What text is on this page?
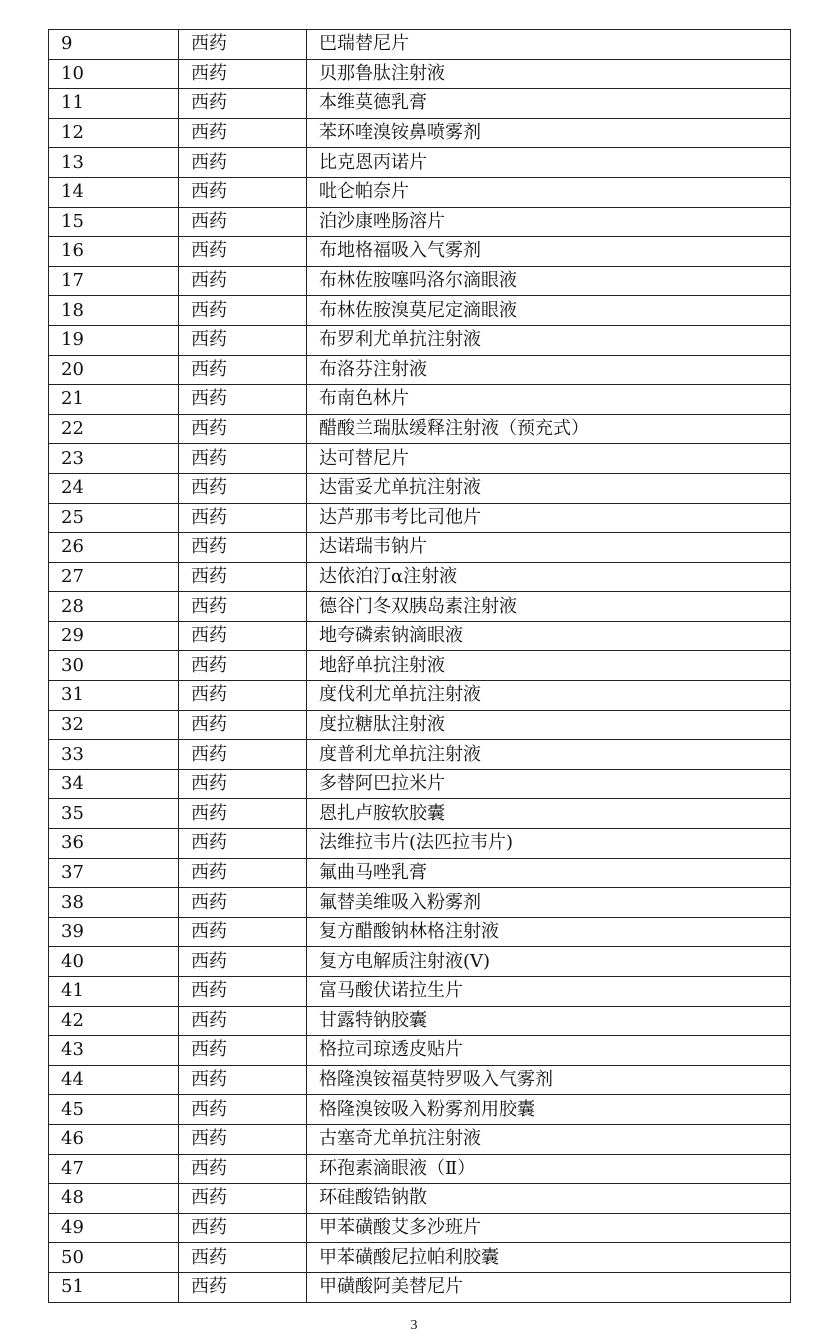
9	西药	巴瑞替尼片
10	西药	贝那鲁肽注射液
11	西药	本维莫德乳膏
12	西药	苯环喹溴铵鼻喷雾剂
13	西药	比克恩丙诺片
14	西药	吡仑帕奈片
15	西药	泊沙康唑肠溶片
16	西药	布地格福吸入气雾剂
17	西药	布林佐胺噻吗洛尔滴眼液
18	西药	布林佐胺溴莫尼定滴眼液
19	西药	布罗利尤单抗注射液
20	西药	布洛芬注射液
21	西药	布南色林片
22	西药	醋酸兰瑞肽缓释注射液（预充式）
23	西药	达可替尼片
24	西药	达雷妥尤单抗注射液
25	西药	达芦那韦考比司他片
26	西药	达诺瑞韦钠片
27	西药	达依泊汀α注射液
28	西药	德谷门冬双胰岛素注射液
29	西药	地夸磷索钠滴眼液
30	西药	地舒单抗注射液
31	西药	度伐利尤单抗注射液
32	西药	度拉糖肽注射液
33	西药	度普利尤单抗注射液
34	西药	多替阿巴拉米片
35	西药	恩扎卢胺软胶囊
36	西药	法维拉韦片(法匹拉韦片)
37	西药	氟曲马唑乳膏
38	西药	氟替美维吸入粉雾剂
39	西药	复方醋酸钠林格注射液
40	西药	复方电解质注射液(V)
41	西药	富马酸伏诺拉生片
42	西药	甘露特钠胶囊
43	西药	格拉司琼透皮贴片
44	西药	格隆溴铵福莫特罗吸入气雾剂
45	西药	格隆溴铵吸入粉雾剂用胶囊
46	西药	古塞奇尤单抗注射液
47	西药	环孢素滴眼液（Ⅱ）
48	西药	环硅酸锆钠散
49	西药	甲苯磺酸艾多沙班片
50	西药	甲苯磺酸尼拉帕利胶囊
51	西药	甲磺酸阿美替尼片
3
